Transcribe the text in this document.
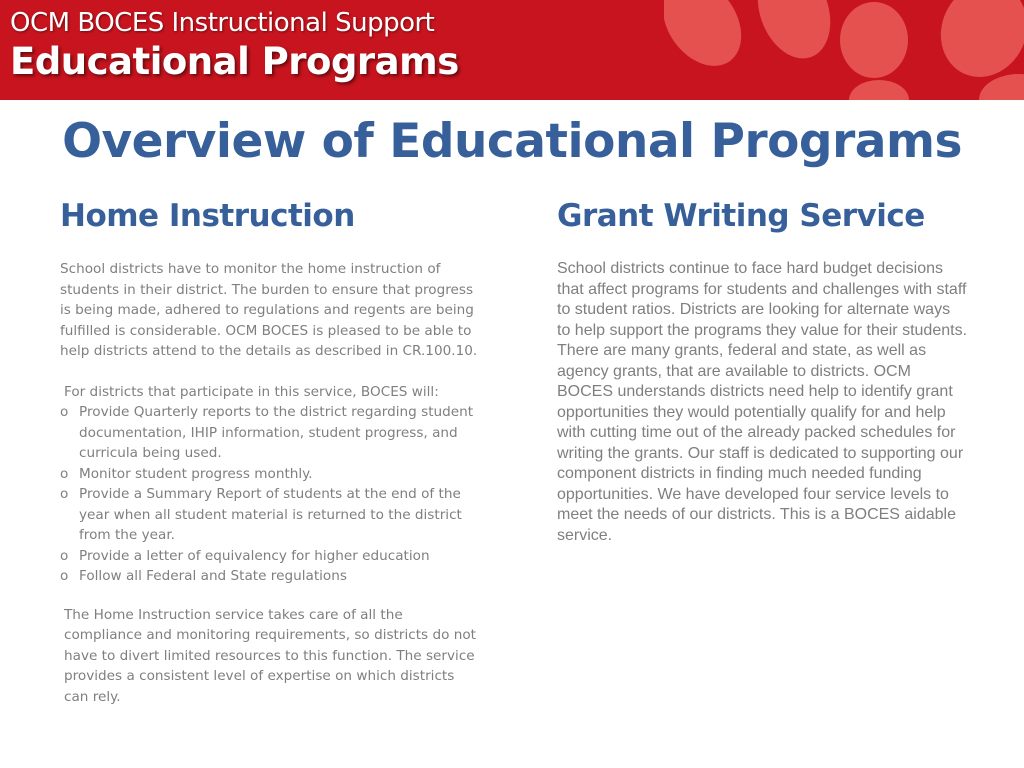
OCM BOCES Instructional Support
Educational Programs
Overview of Educational Programs
Home Instruction

School districts have to monitor the home instruction of students in their district. The burden to ensure that progress is being made, adhered to regulations and regents are being fulfilled is considerable. OCM BOCES is pleased to be able to help districts attend to the details as described in CR.100.10.

For districts that participate in this service, BOCES will:

o Provide Quarterly reports to the district regarding student documentation, IHIP information, student progress, and curricula being used.
o Monitor student progress monthly.
o Provide a Summary Report of students at the end of the year when all student material is returned to the district from the year.
o Provide a letter of equivalency for higher education
o Follow all Federal and State regulations

The Home Instruction service takes care of all the compliance and monitoring requirements, so districts do not have to divert limited resources to this function. The service provides a consistent level of expertise on which districts can rely.

Grant Writing Service

School districts continue to face hard budget decisions that affect programs for students and challenges with staff to student ratios. Districts are looking for alternate ways to help support the programs they value for their students. There are many grants, federal and state, as well as agency grants, that are available to districts. OCM BOCES understands districts need help to identify grant opportunities they would potentially qualify for and help with cutting time out of the already packed schedules for writing the grants. Our staff is dedicated to supporting our component districts in finding much needed funding opportunities. We have developed four service levels to meet the needs of our districts. This is a BOCES aidable service.
